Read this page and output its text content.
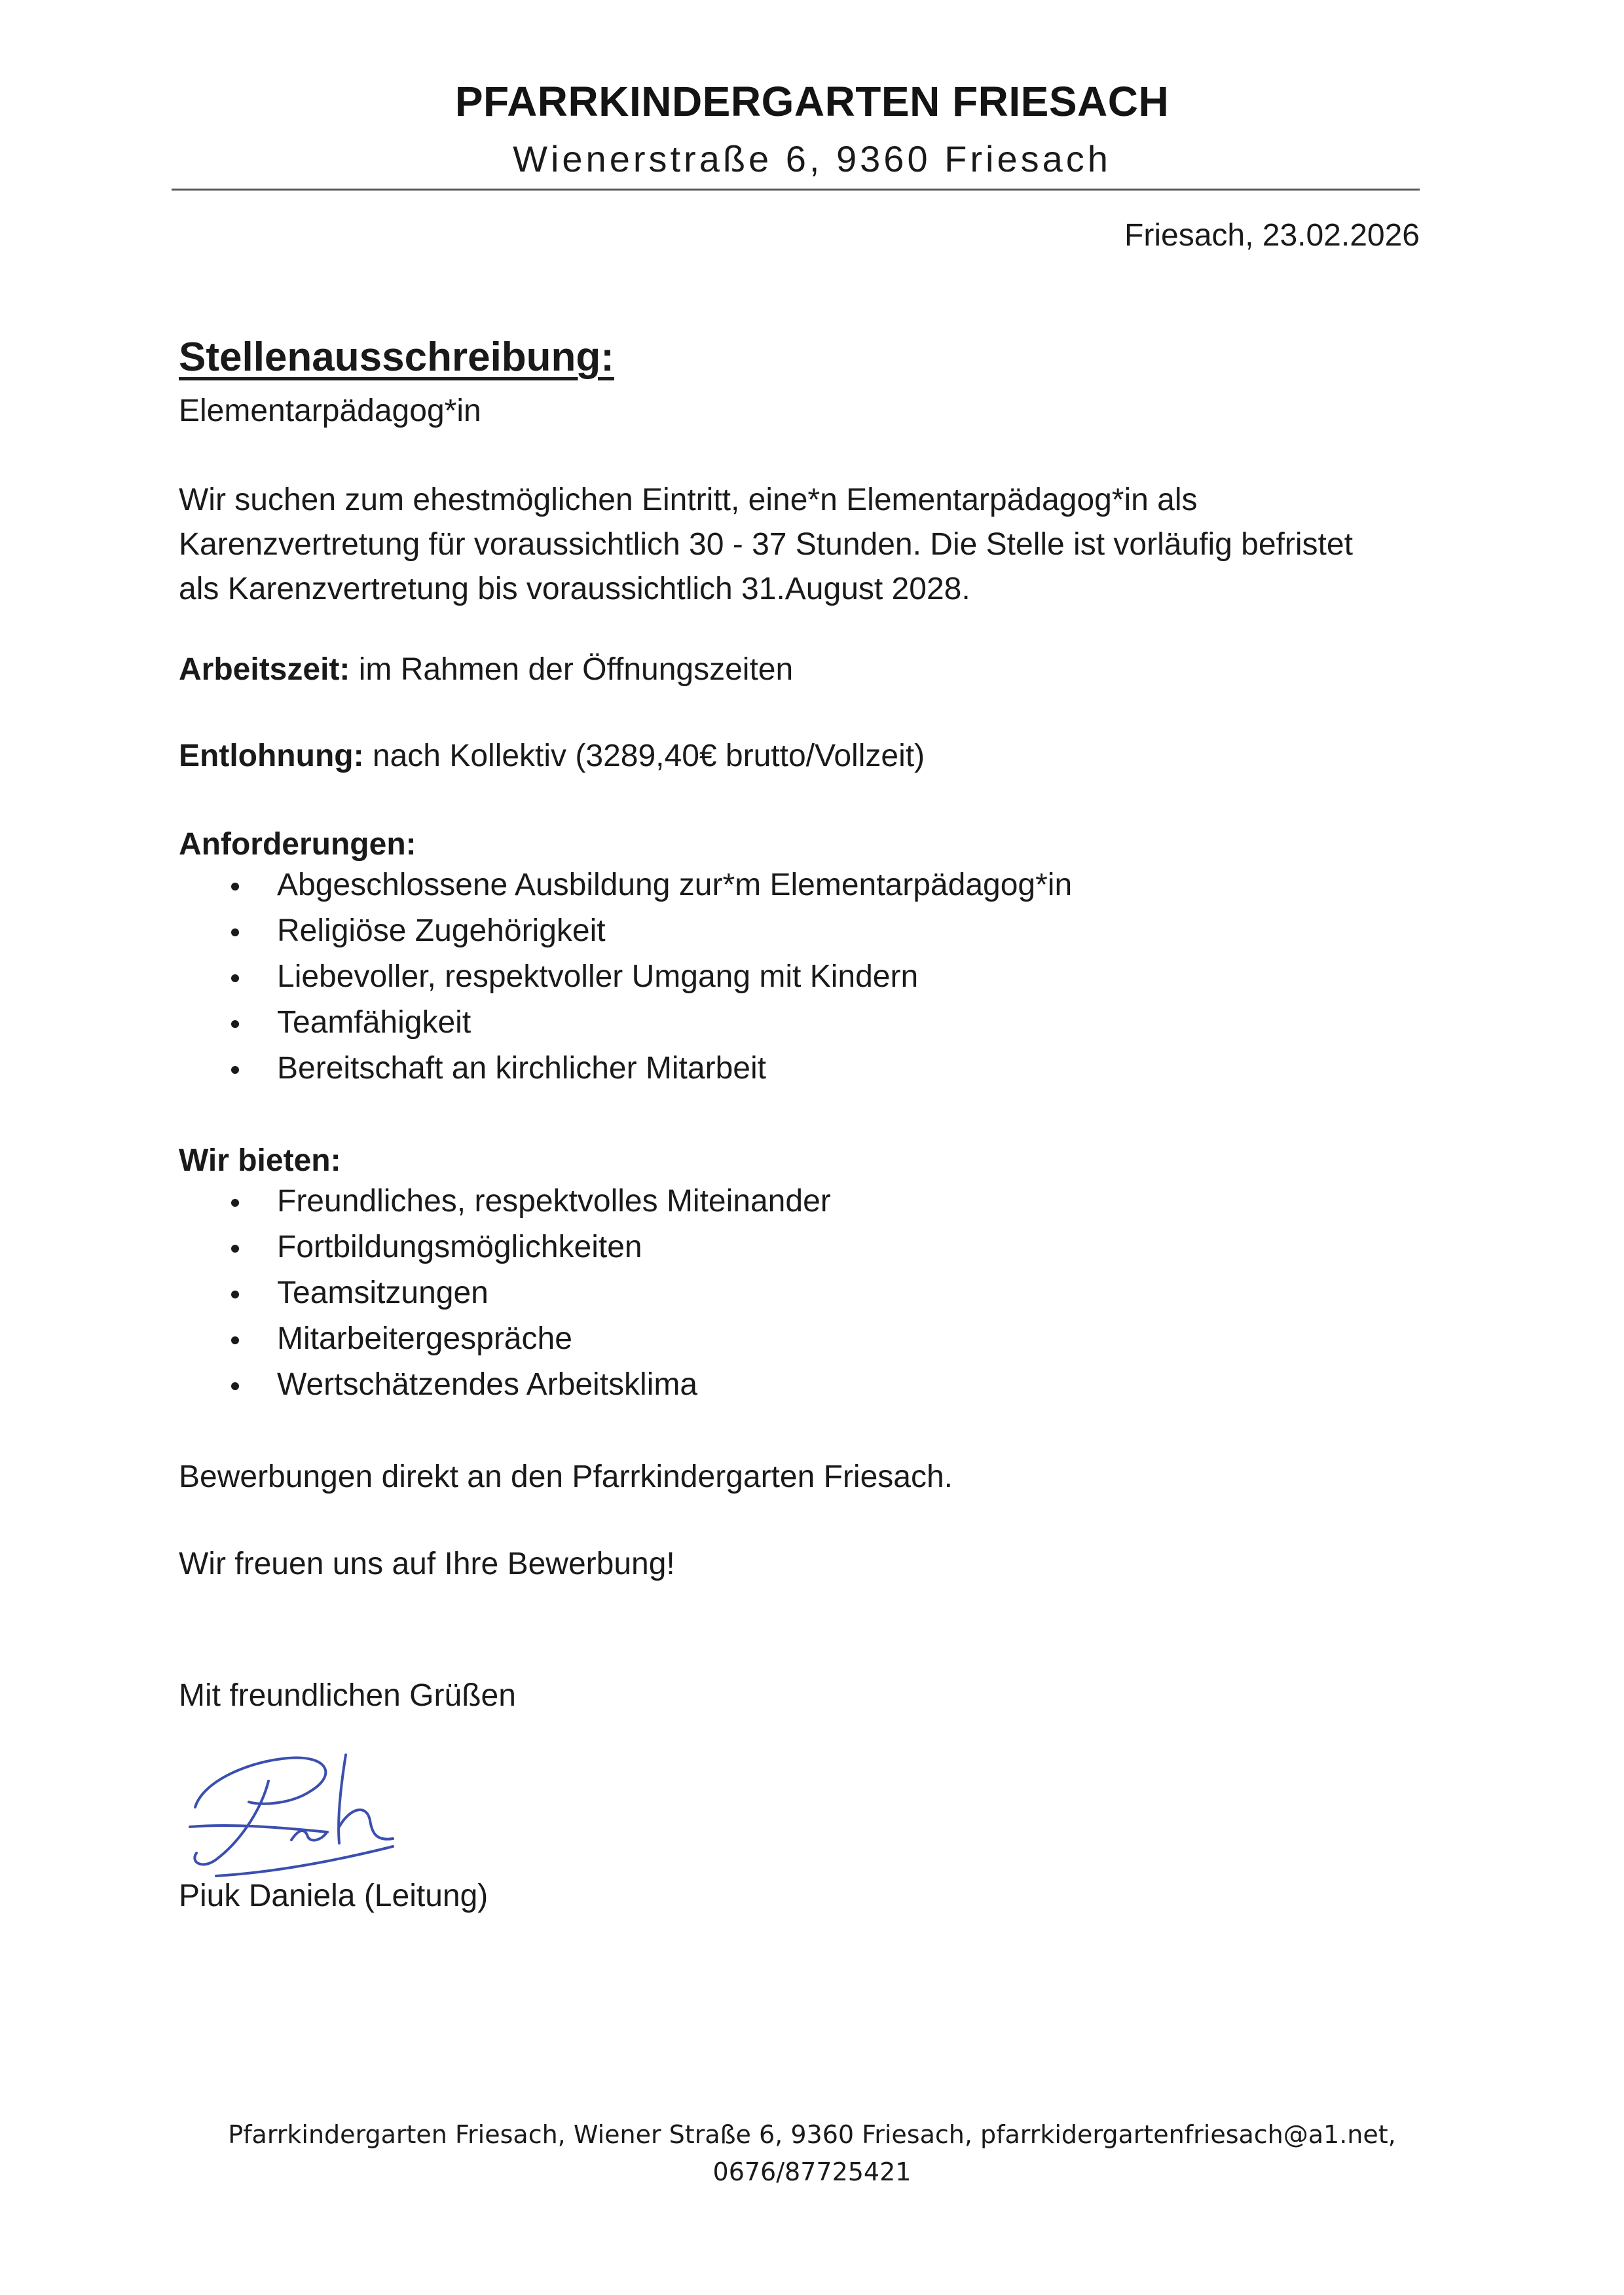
PFARRKINDERGARTEN FRIESACH
Wienerstraße 6, 9360 Friesach
Friesach, 23.02.2026
Stellenausschreibung:
Elementarpädagog*in
Wir suchen zum ehestmöglichen Eintritt, eine*n Elementarpädagog*in als
Karenzvertretung für voraussichtlich 30 - 37 Stunden. Die Stelle ist vorläufig befristet
als Karenzvertretung bis voraussichtlich 31.August 2028.
Arbeitszeit: im Rahmen der Öffnungszeiten
Entlohnung: nach Kollektiv (3289,40€ brutto/Vollzeit)
Anforderungen:
Abgeschlossene Ausbildung zur*m Elementarpädagog*in
Religiöse Zugehörigkeit
Liebevoller, respektvoller Umgang mit Kindern
Teamfähigkeit
Bereitschaft an kirchlicher Mitarbeit
Wir bieten:
Freundliches, respektvolles Miteinander
Fortbildungsmöglichkeiten
Teamsitzungen
Mitarbeitergespräche
Wertschätzendes Arbeitsklima
Bewerbungen direkt an den Pfarrkindergarten Friesach.
Wir freuen uns auf Ihre Bewerbung!
Mit freundlichen Grüßen
Piuk Daniela (Leitung)
Pfarrkindergarten Friesach, Wiener Straße 6, 9360 Friesach, pfarrkidergartenfriesach@a1.net,
0676/87725421
